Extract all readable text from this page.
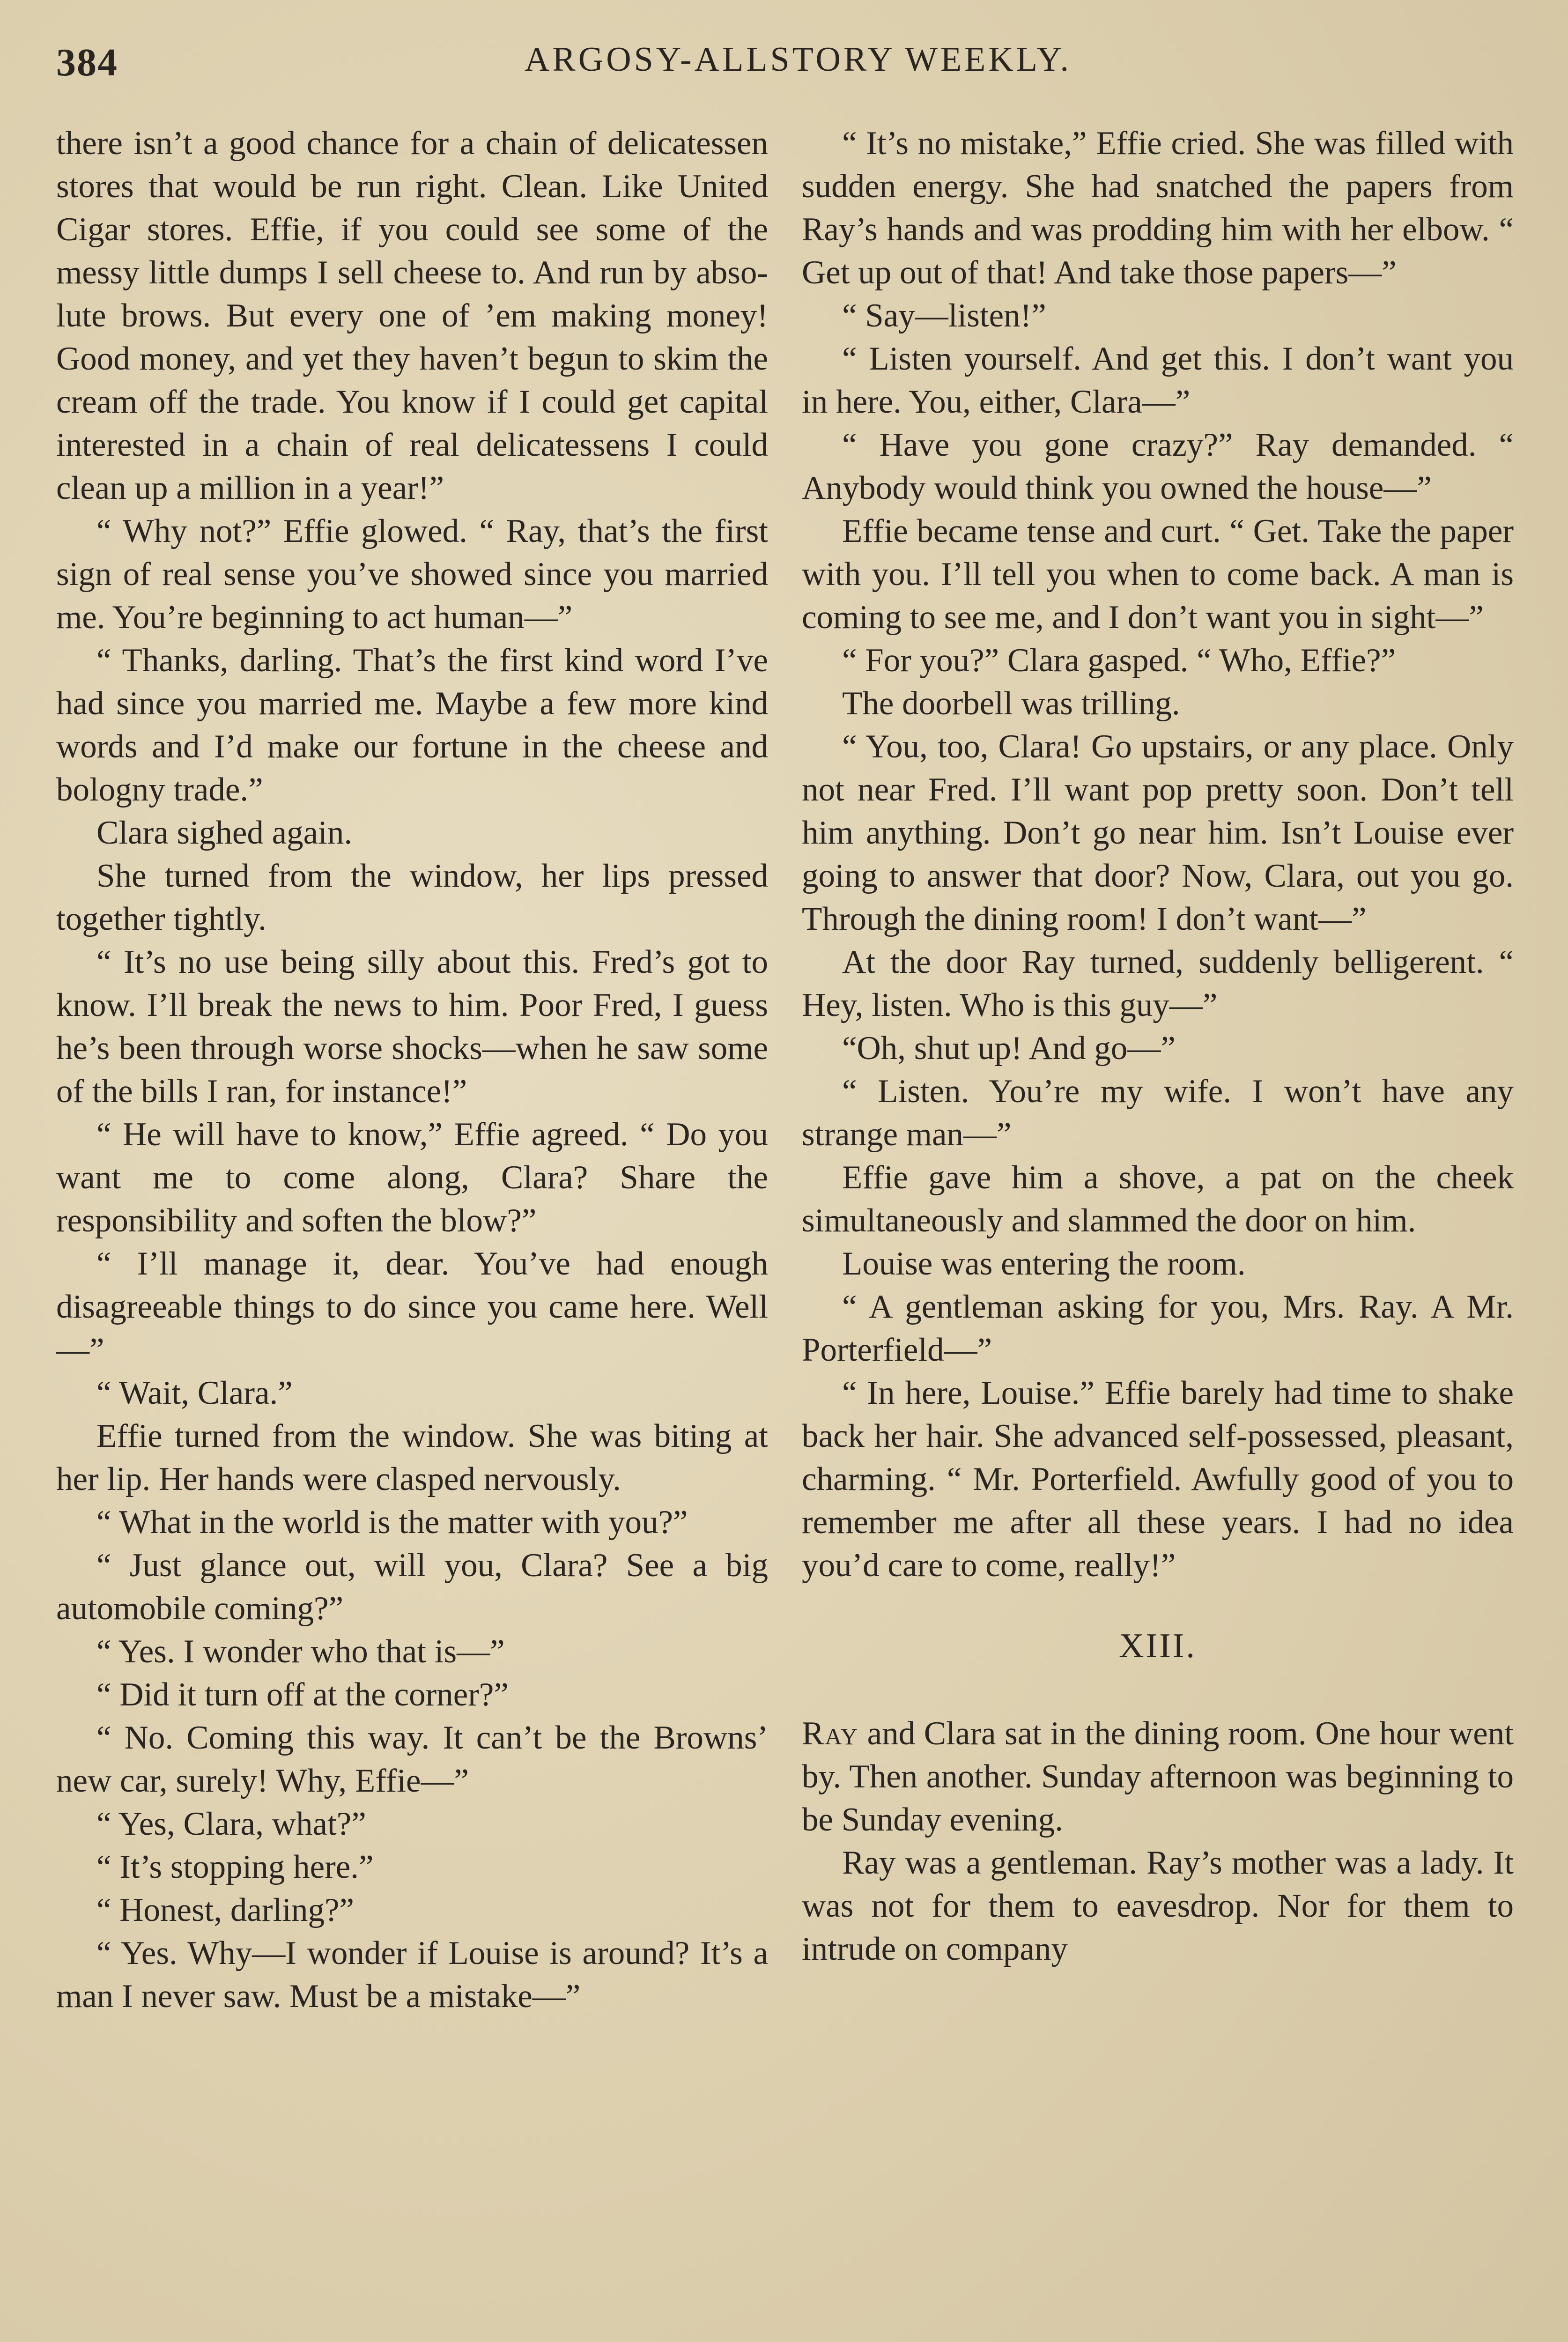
384	ARGOSY-ALLSTORY WEEKLY.

there isn’t a good chance for a chain of delicatessen stores that would be run right. Clean. Like United Cigar stores. Effie, if you could see some of the messy little dumps I sell cheese to. And run by absolute brows. But every one of ’em making money! Good money, and yet they haven’t begun to skim the cream off the trade. You know if I could get capital interested in a chain of real delicatessens I could clean up a million in a year!”

“ Why not?” Effie glowed. “ Ray, that’s the first sign of real sense you’ve showed since you married me. You’re beginning to act human—”

“ Thanks, darling. That’s the first kind word I’ve had since you married me. Maybe a few more kind words and I’d make our fortune in the cheese and bologny trade.”

Clara sighed again.

She turned from the window, her lips pressed together tightly.

“ It’s no use being silly about this. Fred’s got to know. I’ll break the news to him. Poor Fred, I guess he’s been through worse shocks—when he saw some of the bills I ran, for instance!”

“ He will have to know,” Effie agreed. “ Do you want me to come along, Clara? Share the responsibility and soften the blow?”

“ I’ll manage it, dear. You’ve had enough disagreeable things to do since you came here. Well—”

“ Wait, Clara.”

Effie turned from the window. She was biting at her lip. Her hands were clasped nervously.

“ What in the world is the matter with you?”

“ Just glance out, will you, Clara? See a big automobile coming?”

“ Yes. I wonder who that is—”

“ Did it turn off at the corner?”

“ No. Coming this way. It can’t be the Browns’ new car, surely! Why, Effie—”

“ Yes, Clara, what?”

“ It’s stopping here.”

“ Honest, darling?”

“ Yes. Why—I wonder if Louise is around? It’s a man I never saw. Must be a mistake—”

“ It’s no mistake,” Effie cried. She was filled with sudden energy. She had snatched the papers from Ray’s hands and was prodding him with her elbow. “ Get up out of that! And take those papers—”

“ Say—listen!”

“ Listen yourself. And get this. I don’t want you in here. You, either, Clara—”

“ Have you gone crazy?” Ray demanded. “ Anybody would think you owned the house—”

Effie became tense and curt. “ Get. Take the paper with you. I’ll tell you when to come back. A man is coming to see me, and I don’t want you in sight—”

“ For you?” Clara gasped. “ Who, Effie?”

The doorbell was trilling.

“ You, too, Clara! Go upstairs, or any place. Only not near Fred. I’ll want pop pretty soon. Don’t tell him anything. Don’t go near him. Isn’t Louise ever going to answer that door? Now, Clara, out you go. Through the dining room! I don’t want—”

At the door Ray turned, suddenly belligerent. “ Hey, listen. Who is this guy—”

“Oh, shut up! And go—”

“ Listen. You’re my wife. I won’t have any strange man—”

Effie gave him a shove, a pat on the cheek simultaneously and slammed the door on him.

Louise was entering the room.

“ A gentleman asking for you, Mrs. Ray. A Mr. Porterfield—”

“ In here, Louise.” Effie barely had time to shake back her hair. She advanced self-possessed, pleasant, charming. “ Mr. Porterfield. Awfully good of you to remember me after all these years. I had no idea you’d care to come, really!”

XIII.

Ray and Clara sat in the dining room. One hour went by. Then another. Sunday afternoon was beginning to be Sunday evening.

Ray was a gentleman. Ray’s mother was a lady. It was not for them to eavesdrop. Nor for them to intrude on company
